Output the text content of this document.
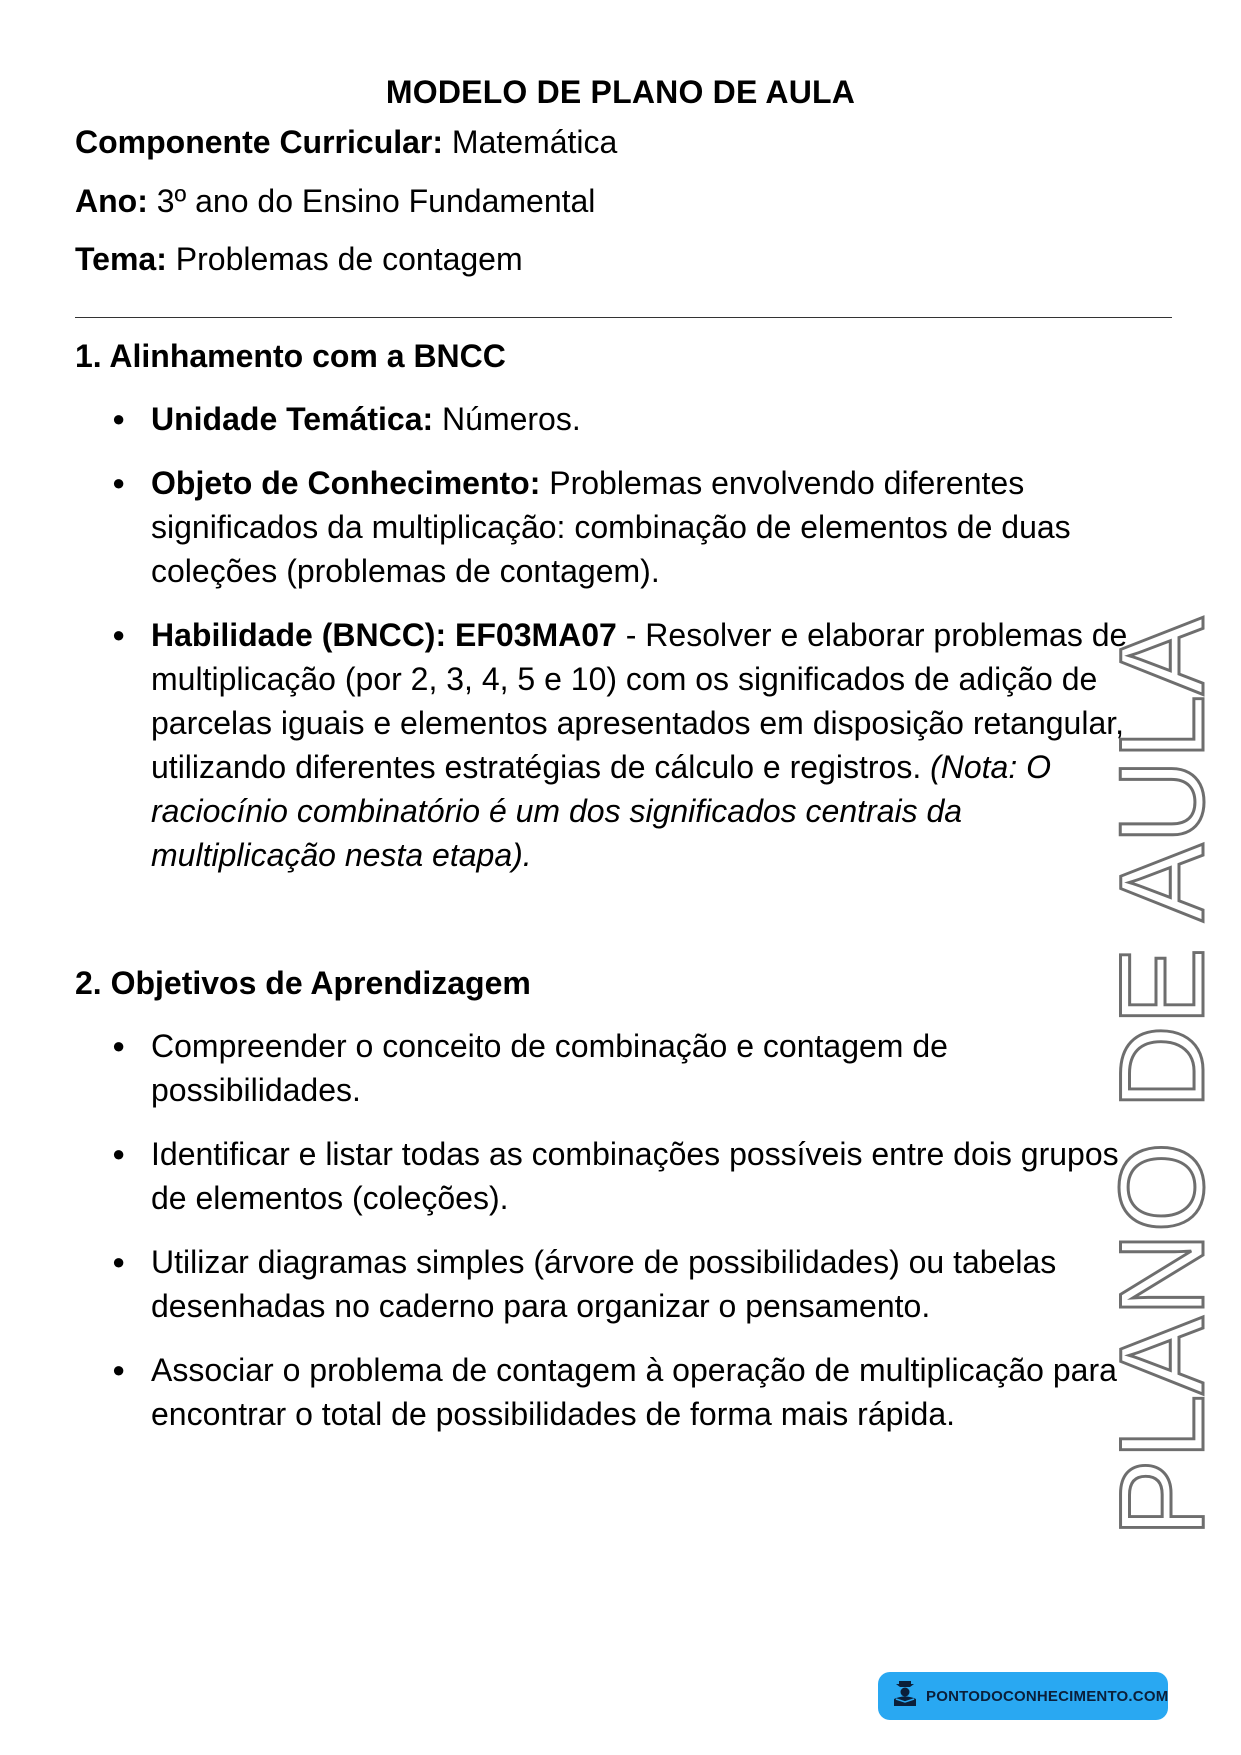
MODELO DE PLANO DE AULA
Componente Curricular: Matemática
Ano: 3º ano do Ensino Fundamental
Tema: Problemas de contagem
1. Alinhamento com a BNCC
● Unidade Temática: Números.
● Objeto de Conhecimento: Problemas envolvendo diferentes significados da multiplicação: combinação de elementos de duas coleções (problemas de contagem).
● Habilidade (BNCC): EF03MA07 - Resolver e elaborar problemas de multiplicação (por 2, 3, 4, 5 e 10) com os significados de adição de parcelas iguais e elementos apresentados em disposição retangular, utilizando diferentes estratégias de cálculo e registros. (Nota: O raciocínio combinatório é um dos significados centrais da multiplicação nesta etapa).
2. Objetivos de Aprendizagem
● Compreender o conceito de combinação e contagem de possibilidades.
● Identificar e listar todas as combinações possíveis entre dois grupos de elementos (coleções).
● Utilizar diagramas simples (árvore de possibilidades) ou tabelas desenhadas no caderno para organizar o pensamento.
● Associar o problema de contagem à operação de multiplicação para encontrar o total de possibilidades de forma mais rápida.	PLANO DE AULA
PONTODOCONHECIMENTO.COM
